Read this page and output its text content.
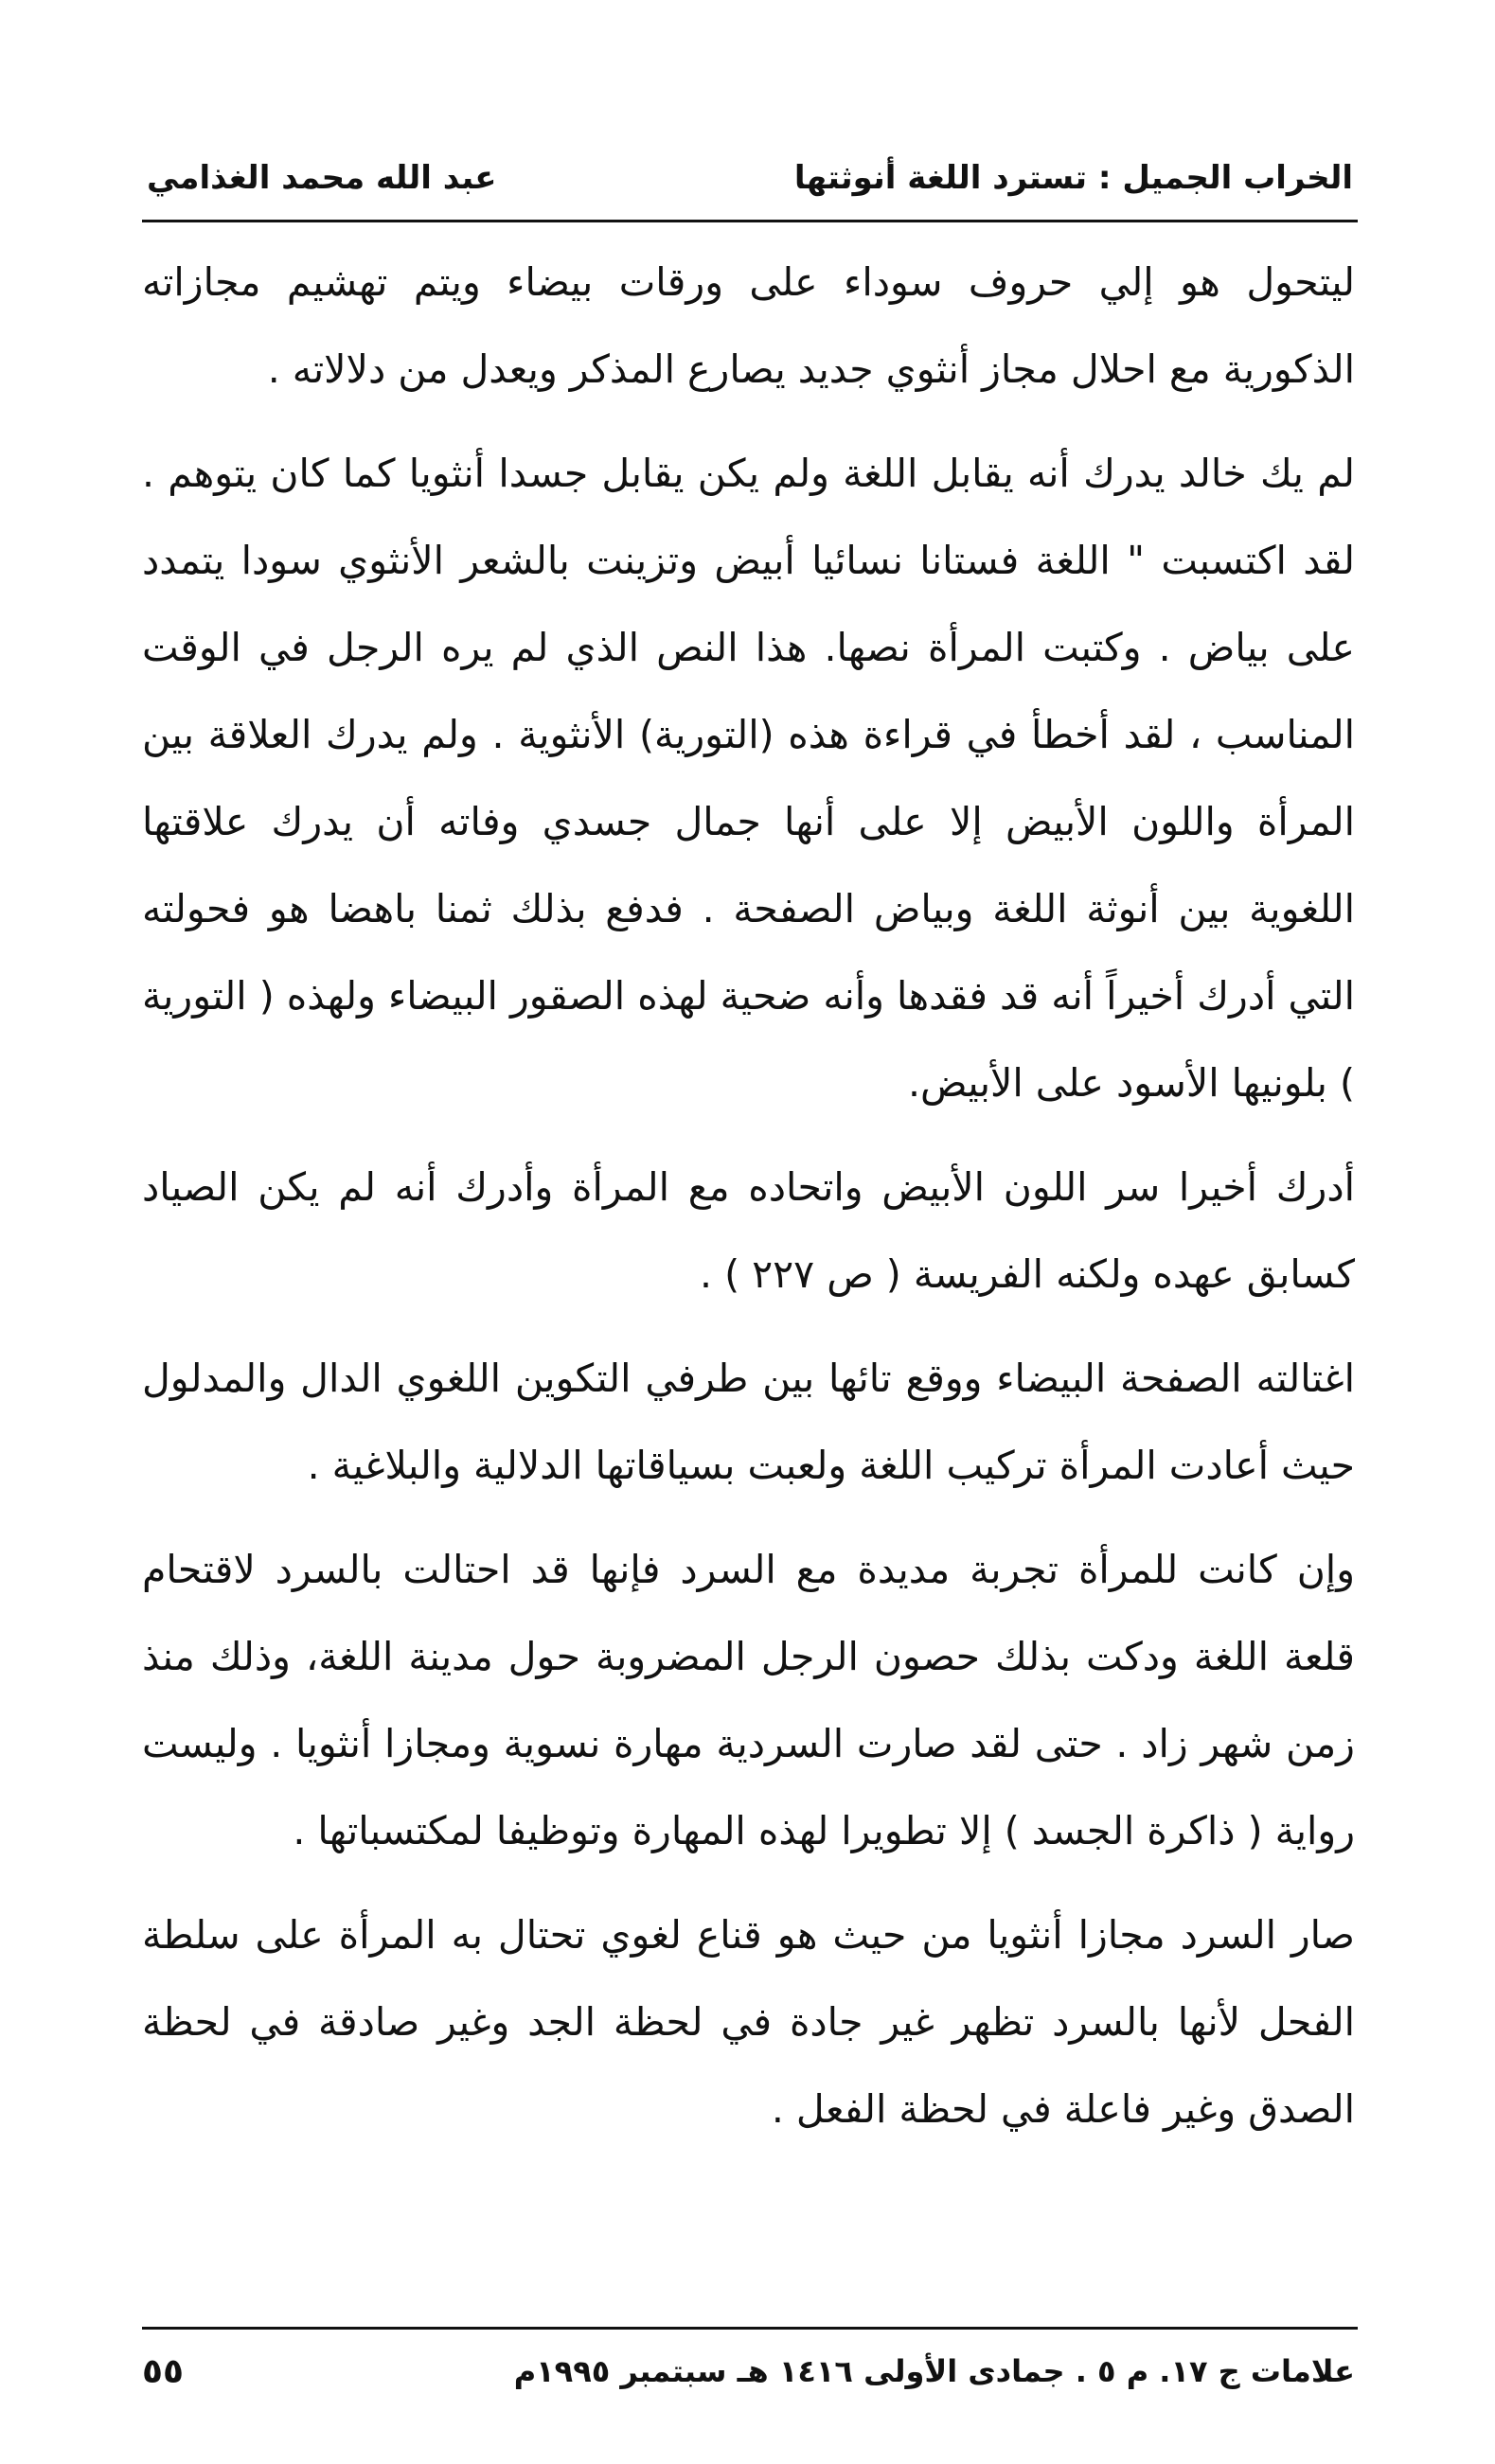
الخراب الجميل : تسترد اللغة أنوثتها
عبد الله محمد الغذامي

ليتحول هو إلي حروف سوداء على ورقات بيضاء ويتم تهشيم مجازاته الذكورية مع احلال مجاز أنثوي جديد يصارع المذكر ويعدل من دلالاته .

لم يك خالد يدرك أنه يقابل اللغة ولم يكن يقابل جسدا أنثويا كما كان يتوهم . لقد اكتسبت " اللغة فستانا نسائيا أبيض وتزينت بالشعر الأنثوي سودا يتمدد على بياض . وكتبت المرأة نصها. هذا النص الذي لم يره الرجل في الوقت المناسب ، لقد أخطأ في قراءة هذه (التورية) الأنثوية . ولم يدرك العلاقة بين المرأة واللون الأبيض إلا على أنها جمال جسدي وفاته أن يدرك علاقتها اللغوية بين أنوثة اللغة وبياض الصفحة . فدفع بذلك ثمنا باهضا هو فحولته التي أدرك أخيراً أنه قد فقدها وأنه ضحية لهذه الصقور البيضاء ولهذه ( التورية ) بلونيها الأسود على الأبيض.

أدرك أخيرا سر اللون الأبيض واتحاده مع المرأة وأدرك أنه لم يكن الصياد كسابق عهده ولكنه الفريسة ( ص ٢٢٧ ) .

اغتالته الصفحة البيضاء ووقع تائها بين طرفي التكوين اللغوي الدال والمدلول حيث أعادت المرأة تركيب اللغة ولعبت بسياقاتها الدلالية والبلاغية .

وإن كانت للمرأة تجربة مديدة مع السرد فإنها قد احتالت بالسرد لاقتحام قلعة اللغة ودكت بذلك حصون الرجل المضروبة حول مدينة اللغة، وذلك منذ زمن شهر زاد . حتى لقد صارت السردية مهارة نسوية ومجازا أنثويا . وليست رواية ( ذاكرة الجسد ) إلا تطويرا لهذه المهارة وتوظيفا لمكتسباتها .

صار السرد مجازا أنثويا من حيث هو قناع لغوي تحتال به المرأة على سلطة الفحل لأنها بالسرد تظهر غير جادة في لحظة الجد وغير صادقة في لحظة الصدق وغير فاعلة في لحظة الفعل .

علامات ج ١٧. م ٥ . جمادى الأولى ١٤١٦ هـ سبتمبر ١٩٩٥م
٥٥
